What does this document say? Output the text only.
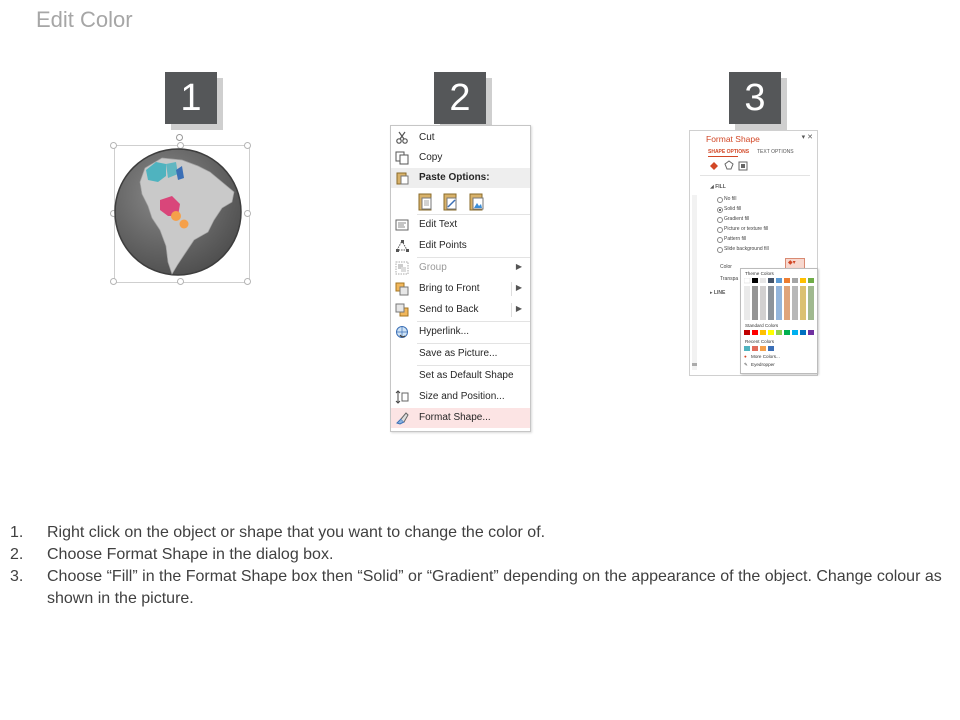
Edit Color
1	2	3
Cut
Copy
Paste Options:
Edit Text
Edit Points
Group	▶
Bring to Front	▶
Send to Back	▶
Hyperlink...
Save as Picture...
Set as Default Shape
Size and Position...
Format Shape...
Format Shape	▾ ✕
SHAPE OPTIONS TEXT OPTIONS
◢ FILL
No fill
Solid fill
Gradient fill
Picture or texture fill
Pattern fill
Slide background fill
Color
◆▾
Transpa
▸ LINE
Theme Colors
Standard Colors
Recent Colors
● More Colors...
✎ Eyedropper
1. Right click on the object or shape that you want to change the color of.
2. Choose Format Shape in the dialog box.
3. Choose “Fill” in the Format Shape box then “Solid” or “Gradient” depending on the appearance of the object. Change colour as shown in the picture.
